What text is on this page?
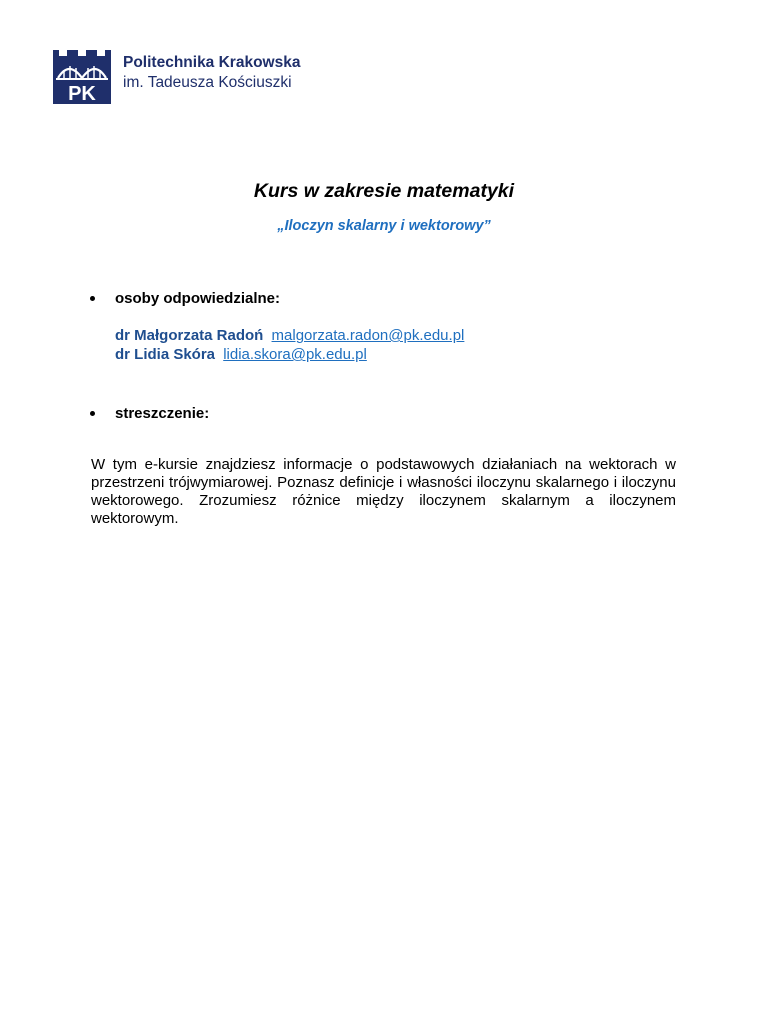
PK
Politechnika Krakowska
im. Tadeusza Kościuszki
Kurs w zakresie matematyki
„Iloczyn skalarny i wektorowy”
osoby odpowiedzialne:
dr Małgorzata Radoń malgorzata.radon@pk.edu.pl
dr Lidia Skóra lidia.skora@pk.edu.pl
streszczenie:
W tym e-kursie znajdziesz informacje o podstawowych działaniach na wektorach w przestrzeni trójwymiarowej. Poznasz definicje i własności iloczynu skalarnego i iloczynu wektorowego. Zrozumiesz różnice między iloczynem skalarnym a iloczynem wektorowym.
